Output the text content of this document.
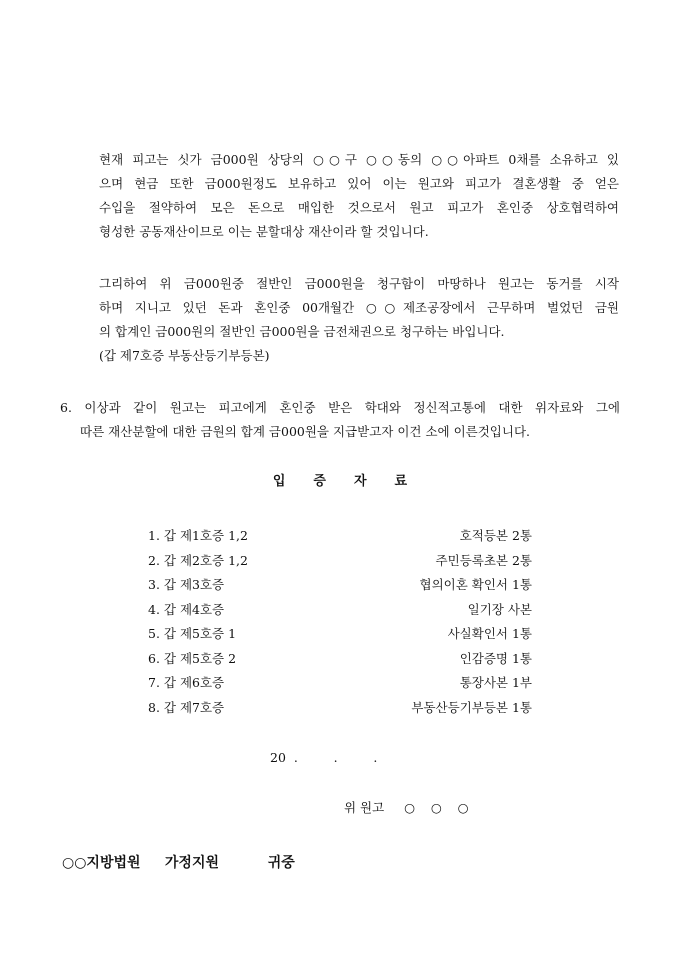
현재 피고는 싯가 금000원 상당의 ○○구 ○○동의 ○○아파트 0채를 소유하고 있
으며 현금 또한 금000원정도 보유하고 있어 이는 원고와 피고가 결혼생활 중 얻은
수입을 절약하여 모은 돈으로 매입한 것으로서 원고 피고가 혼인중 상호협력하여
형성한 공동재산이므로 이는 분할대상 재산이라 할 것입니다.
그리하여 위 금000원중 절반인 금000원을 청구함이 마땅하나 원고는 동거를 시작
하며 지니고 있던 돈과 혼인중 00개월간 ○○제조공장에서 근무하며 벌었던 금원
의 합계인 금000원의 절반인 금000원을 금전채권으로 청구하는 바입니다.
(갑 제7호증 부동산등기부등본)
6. 이상과 같이 원고는 피고에게 혼인중 받은 학대와 정신적고통에 대한 위자료와 그에
따른 재산분할에 대한 금원의 합계 금000원을 지급받고자 이건 소에 이른것입니다.
입증자료
1. 갑 제1호증 1,2	호적등본 2통
2. 갑 제2호증 1,2	주민등록초본 2통
3. 갑 제3호증	협의이혼 확인서 1통
4. 갑 제4호증	일기장 사본
5. 갑 제5호증 1	사실확인서 1통
6. 갑 제5호증 2	인감증명 1통
7. 갑 제6호증	통장사본 1부
8. 갑 제7호증	부동산등기부등본 1통
20  .         .         .
위 원고     ○    ○    ○
○○지방법원     가정지원          귀중
